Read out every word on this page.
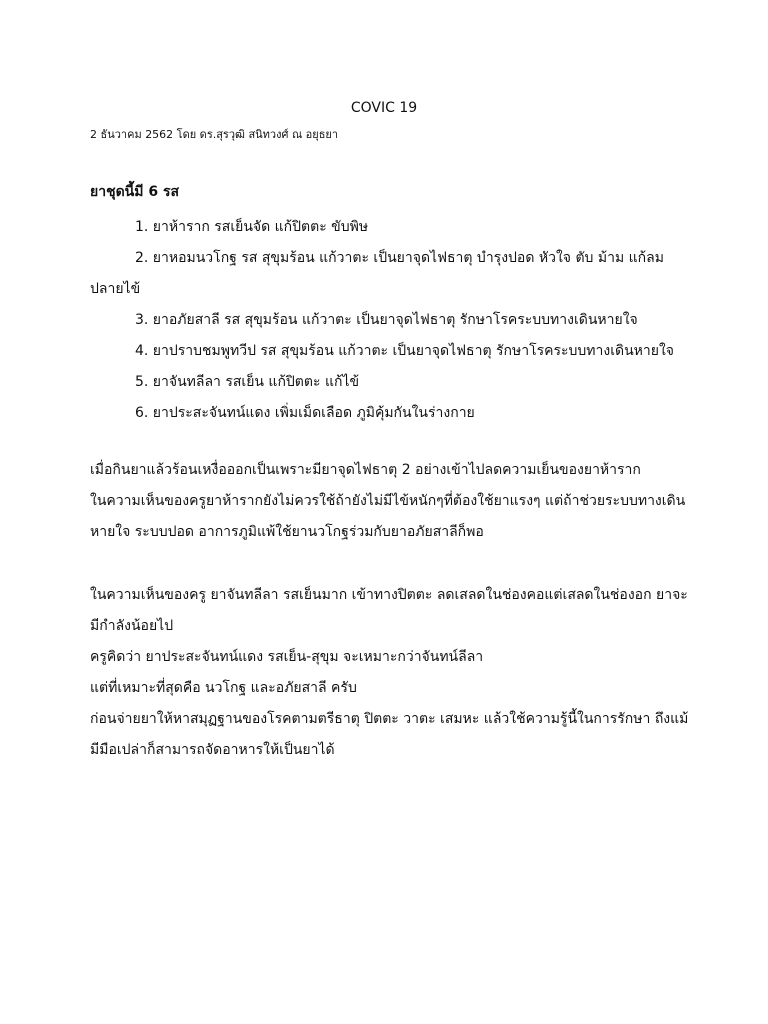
COVIC 19
2 ธันวาคม 2562 โดย ดร.สุรวุฒิ สนิทวงศ์ ณ อยุธยา
ยาชุดนี้มี 6 รส
1. ยาห้าราก รสเย็นจัด แก้ปิตตะ ขับพิษ
2. ยาหอมนวโกฐ รส สุขุมร้อน แก้วาตะ เป็นยาจุดไฟธาตุ บำรุงปอด หัวใจ ตับ ม้าม แก้ลม ปลายไข้
3. ยาอภัยสาลี รส สุขุมร้อน แก้วาตะ เป็นยาจุดไฟธาตุ รักษาโรคระบบทางเดินหายใจ
4. ยาปราบชมพูทวีป รส สุขุมร้อน แก้วาตะ เป็นยาจุดไฟธาตุ รักษาโรคระบบทางเดินหายใจ
5. ยาจันทลีลา รสเย็น แก้ปิตตะ แก้ไข้
6. ยาประสะจันทน์แดง เพิ่มเม็ดเลือด ภูมิคุ้มกันในร่างกาย
เมื่อกินยาแล้วร้อนเหงื่อออกเป็นเพราะมียาจุดไฟธาตุ 2 อย่างเข้าไปลดความเย็นของยาห้าราก
ในความเห็นของครูยาห้ารากยังไม่ควรใช้ถ้ายังไม่มีไข้หนักๆที่ต้องใช้ยาแรงๆ แต่ถ้าช่วยระบบทางเดิน
หายใจ ระบบปอด อาการภูมิแพ้ใช้ยานวโกฐร่วมกับยาอภัยสาลีก็พอ
ในความเห็นของครู ยาจันทลีลา รสเย็นมาก เข้าทางปิตตะ ลดเสลดในช่องคอแต่เสลดในช่องอก ยาจะ
มีกำลังน้อยไป
ครูคิดว่า ยาประสะจันทน์แดง รสเย็น-สุขุม จะเหมาะกว่าจันทน์ลีลา
แต่ที่เหมาะที่สุดคือ นวโกฐ และอภัยสาลี ครับ
ก่อนจ่ายยาให้หาสมุฏฐานของโรคตามตรีธาตุ ปิตตะ วาตะ เสมหะ แล้วใช้ความรู้นี้ในการรักษา ถึงแม้
มีมือเปล่าก็สามารถจัดอาหารให้เป็นยาได้
